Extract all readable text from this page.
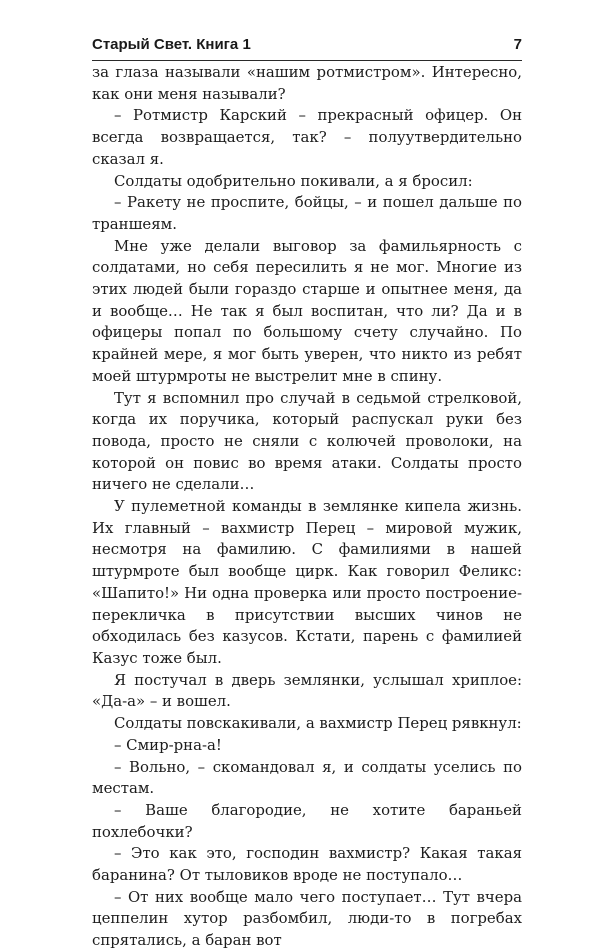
Старый Свет. Книга 1	7

за глаза называли «нашим ротмистром». Интересно, как они меня называли?

– Ротмистр Карский – прекрасный офицер. Он всегда возвращается, так? – полуутвердительно сказал я.

Солдаты одобрительно покивали, а я бросил:

– Ракету не проспите, бойцы, – и пошел дальше по траншеям.

Мне уже делали выговор за фамильярность с солдатами, но себя пересилить я не мог. Многие из этих людей были гораздо старше и опытнее меня, да и вообще… Не так я был воспитан, что ли? Да и в офицеры попал по большому счету случайно. По крайней мере, я мог быть уверен, что никто из ребят моей штурмроты не выстрелит мне в спину.

Тут я вспомнил про случай в седьмой стрелковой, когда их поручика, который распускал руки без повода, просто не сняли с колючей проволоки, на которой он повис во время атаки. Солдаты просто ничего не сделали…

У пулеметной команды в землянке кипела жизнь. Их главный – вахмистр Перец – мировой мужик, несмотря на фамилию. С фамилиями в нашей штурмроте был вообще цирк. Как говорил Феликс: «Шапито!» Ни одна проверка или просто построение-перекличка в присутствии высших чинов не обходилась без казусов. Кстати, парень с фамилией Казус тоже был.

Я постучал в дверь землянки, услышал хриплое: «Да-а» – и вошел.

Солдаты повскакивали, а вахмистр Перец рявкнул:

– Смир-рна-а!

– Вольно, – скомандовал я, и солдаты уселись по местам.

– Ваше благородие, не хотите бараньей похлебочки?

– Это как это, господин вахмистр? Какая такая баранина? От тыловиков вроде не поступало…

– От них вообще мало чего поступает… Тут вчера цеппелин хутор разбомбил, люди-то в погребах спрятались, а баран вот
